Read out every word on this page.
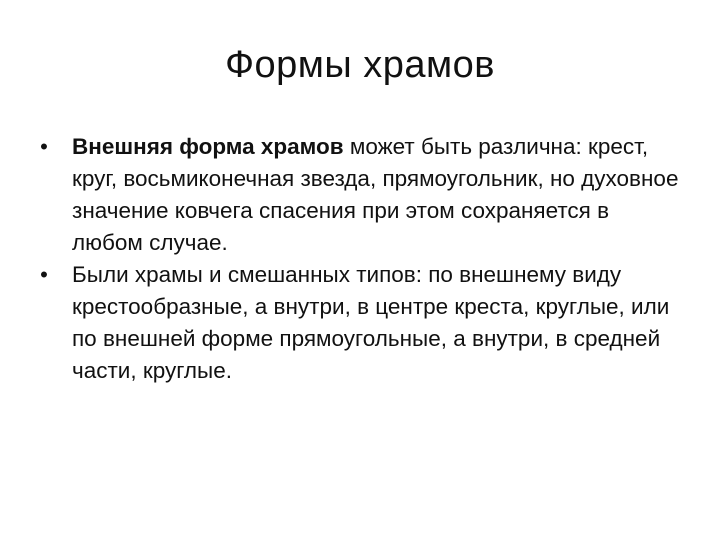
Формы храмов
• Внешняя форма храмов может быть различна: крест, круг, восьмиконечная звезда, прямоугольник, но духовное значение ковчега спасения при этом сохраняется в любом случае.
• Были храмы и смешанных типов: по внешнему виду крестообразные, а внутри, в центре креста, круглые, или по внешней форме прямоугольные, а внутри, в средней части, круглые.
